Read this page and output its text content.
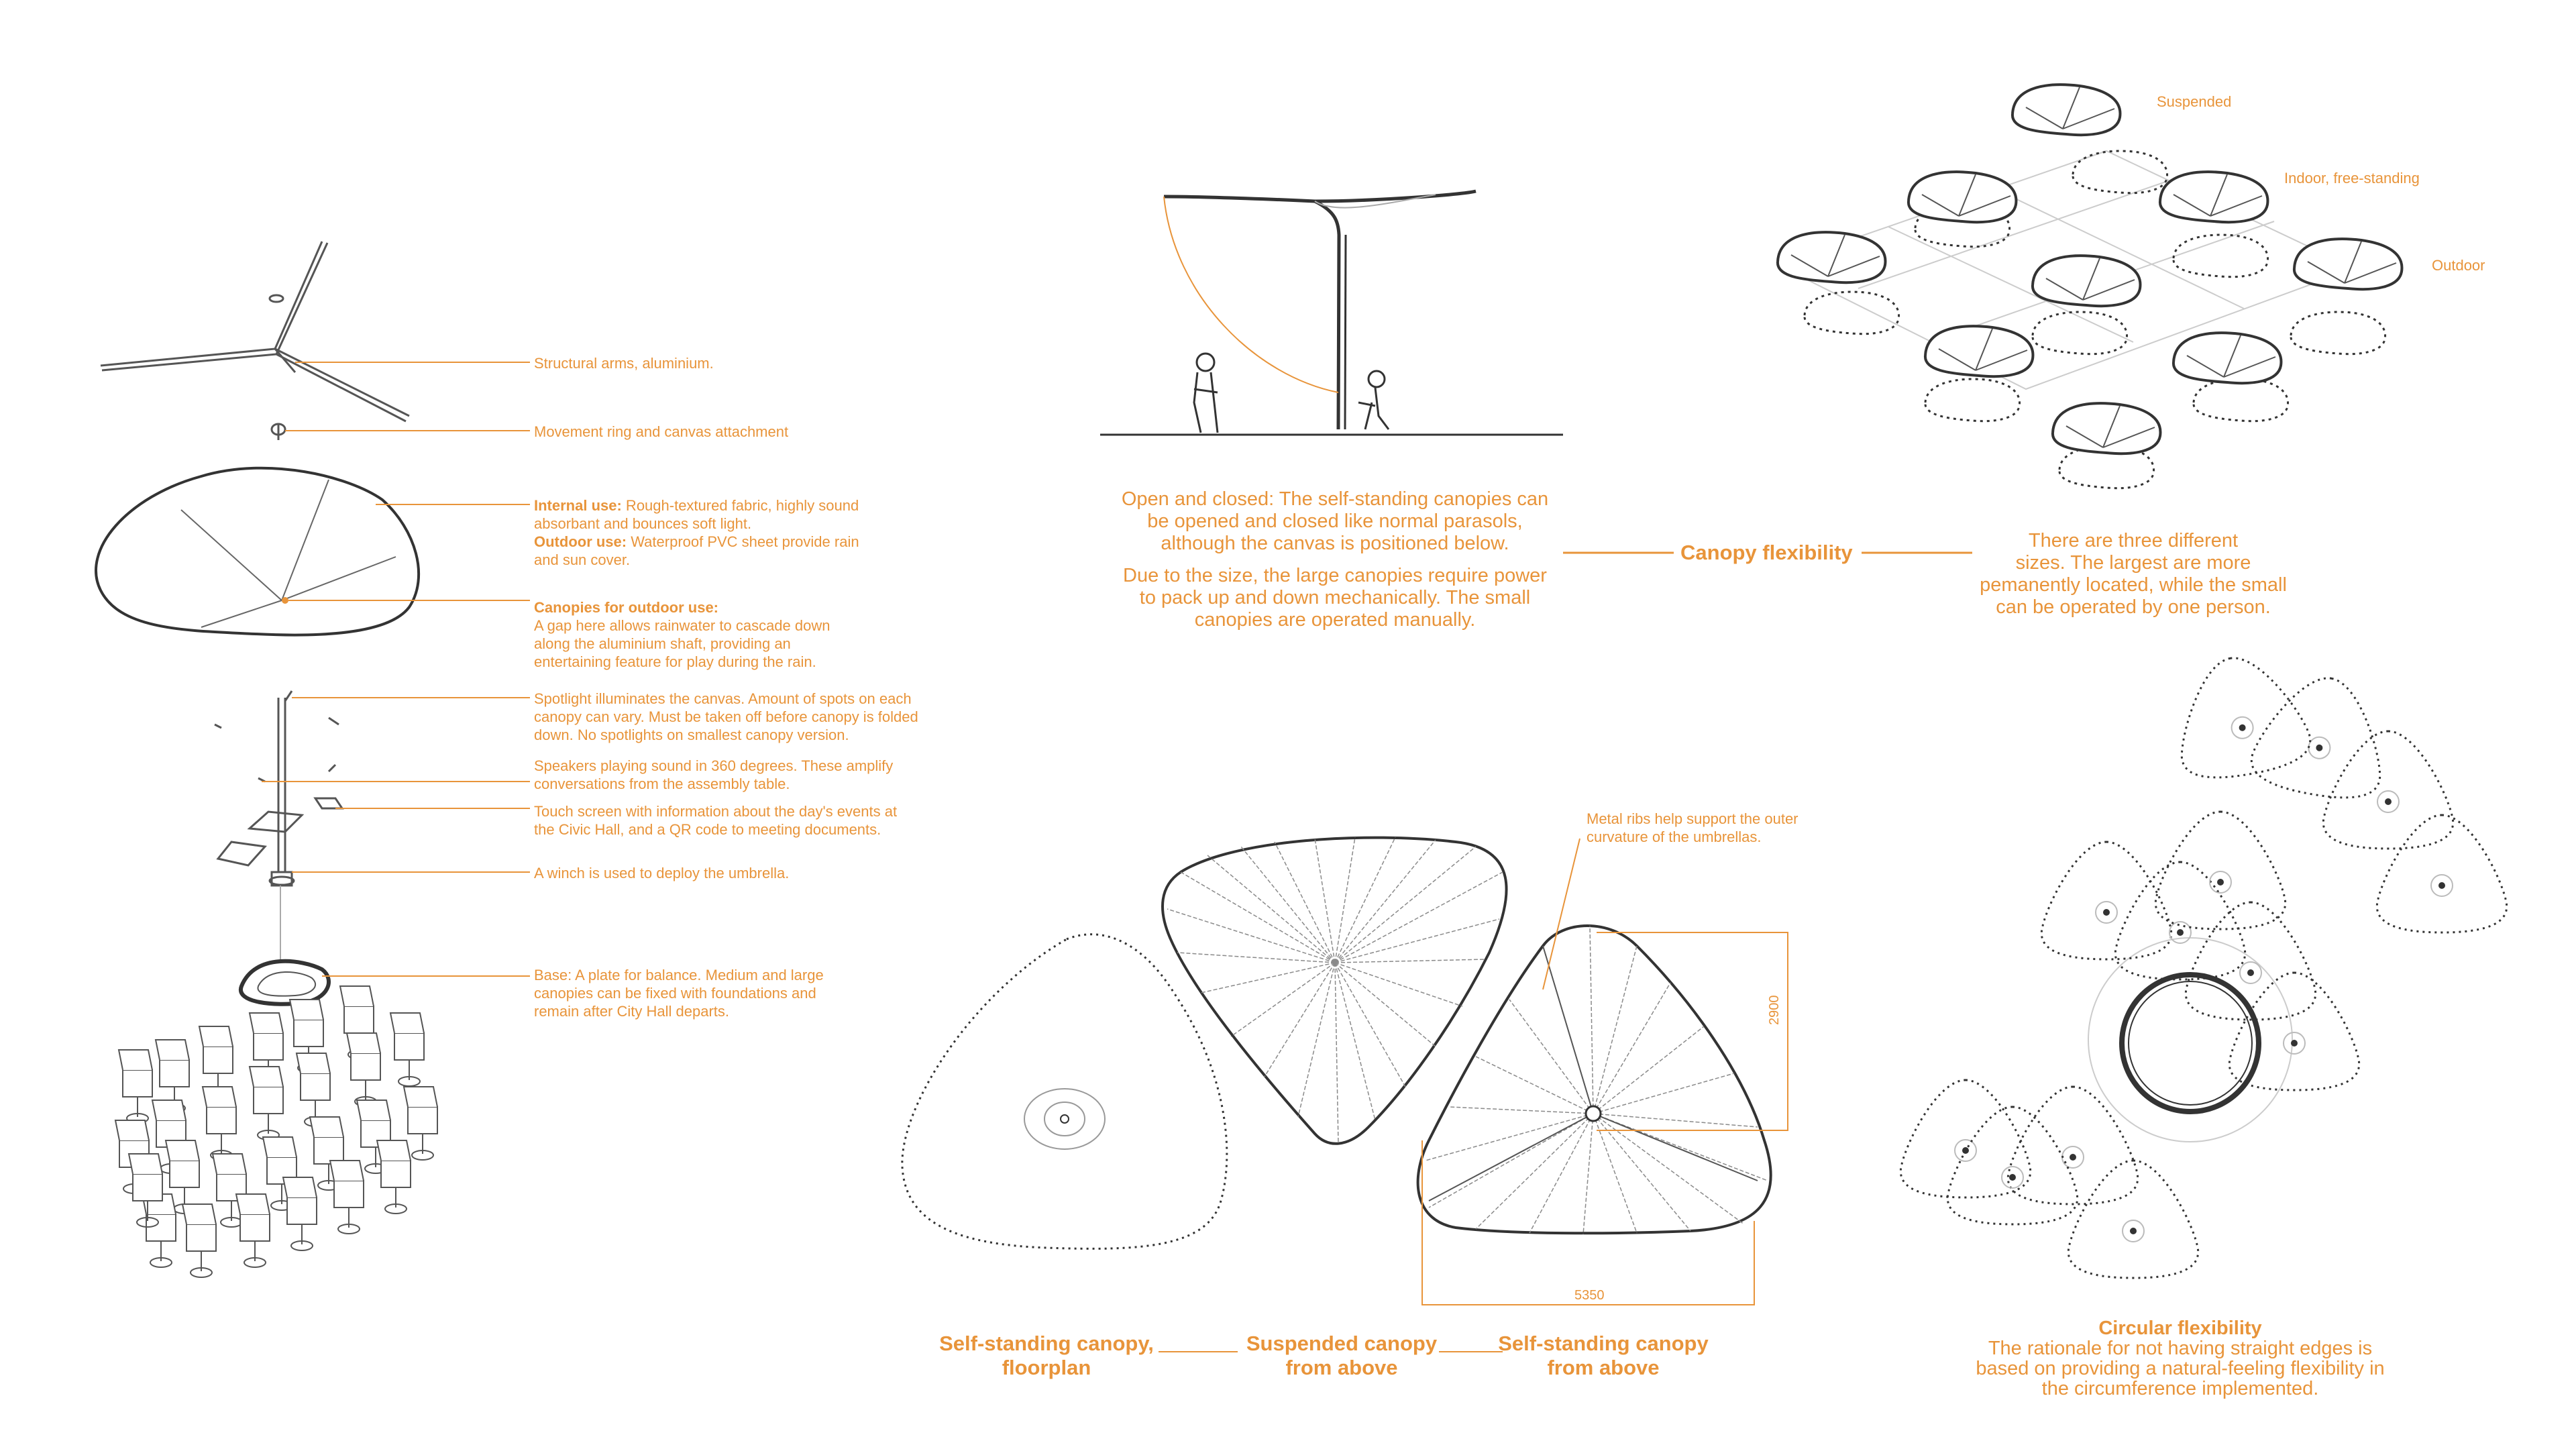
Structural arms, aluminium.
Movement ring and canvas attachment
Internal use: Rough-textured fabric, highly sound
absorbant and bounces soft light.
Outdoor use: Waterproof PVC sheet provide rain
and sun cover.
Canopies for outdoor use:
A gap here allows rainwater to cascade down
along the aluminium shaft, providing an
entertaining feature for play during the rain.
Spotlight illuminates the canvas. Amount of spots on each
canopy can vary. Must be taken off before canopy is folded
down. No spotlights on smallest canopy version.
Speakers playing sound in 360 degrees. These amplify
conversations from the assembly table.
Touch screen with information about the day's events at
the Civic Hall, and a QR code to meeting documents.
A winch is used to deploy the umbrella.
Base: A plate for balance. Medium and large
canopies can be fixed with foundations and
remain after City Hall departs.
Open and closed: The self-standing canopies can
be opened and closed like normal parasols,
although the canvas is positioned below.
Due to the size, the large canopies require power
to pack up and down mechanically. The small
canopies are operated manually.
Canopy flexibility	There are three different
sizes. The largest are more
pemanently located, while the small
can be operated by one person.
Suspended
Indoor, free-standing
Outdoor
Metal ribs help support the outer
curvature of the umbrellas.
2900
5350
Self-standing canopy,
floorplan
Suspended canopy
from above
Self-standing canopy
from above
Circular flexibility
The rationale for not having straight edges is
based on providing a natural-feeling flexibility in
the circumference implemented.
